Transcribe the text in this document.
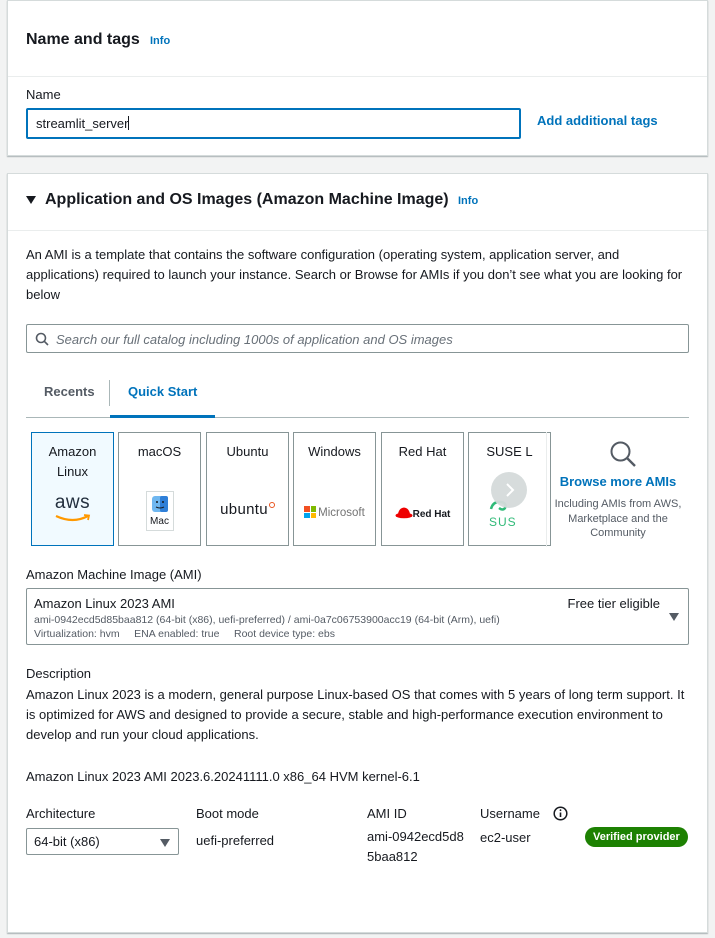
Name and tags Info
Name
streamlit_server	Add additional tags
Application and OS Images (Amazon Machine Image) Info
An AMI is a template that contains the software configuration (operating system, application server, and applications) required to launch your instance. Search or Browse for AMIs if you don’t see what you are looking for below
Search our full catalog including 1000s of application and OS images
Recents	Quick Start
Amazon
Linux
aws
macOS
Mac
Ubuntu
ubuntu
Windows
Microsoft
Red Hat
Red Hat
SUSE L
SUS
Browse more AMIs
Including AMIs from AWS, Marketplace and the Community
Amazon Machine Image (AMI)
Amazon Linux 2023 AMI
ami-0942ecd5d85baa812 (64-bit (x86), uefi-preferred) / ami-0a7c06753900acc19 (64-bit (Arm), uefi)
Virtualization: hvm     ENA enabled: true     Root device type: ebs
Free tier eligible
Description
Amazon Linux 2023 is a modern, general purpose Linux-based OS that comes with 5 years of long term support. It is optimized for AWS and designed to provide a secure, stable and high-performance execution environment to develop and run your cloud applications.
Amazon Linux 2023 AMI 2023.6.20241111.0 x86_64 HVM kernel-6.1
Architecture
64-bit (x86)
Boot mode
uefi-preferred
AMI ID
ami-0942ecd5d85baa812
Username
ec2-user	Verified provider
